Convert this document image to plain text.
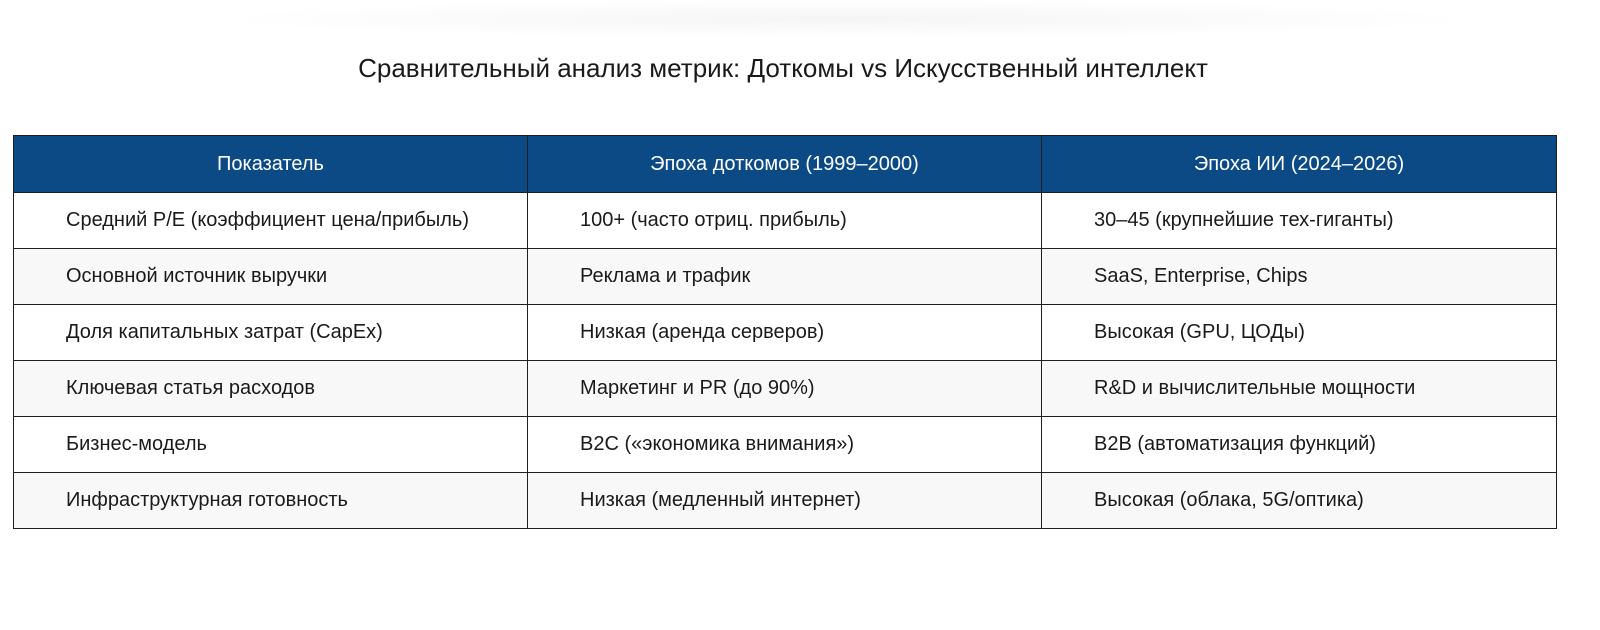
Сравнительный анализ метрик: Доткомы vs Искусственный интеллект
Показатель	Эпоха доткомов (1999–2000)	Эпоха ИИ (2024–2026)
Средний P/E (коэффициент цена/прибыль)	100+ (часто отриц. прибыль)	30–45 (крупнейшие тех-гиганты)
Основной источник выручки	Реклама и трафик	SaaS, Enterprise, Chips
Доля капитальных затрат (CapEx)	Низкая (аренда серверов)	Высокая (GPU, ЦОДы)
Ключевая статья расходов	Маркетинг и PR (до 90%)	R&D и вычислительные мощности
Бизнес-модель	B2C («экономика внимания»)	B2B (автоматизация функций)
Инфраструктурная готовность	Низкая (медленный интернет)	Высокая (облака, 5G/оптика)
